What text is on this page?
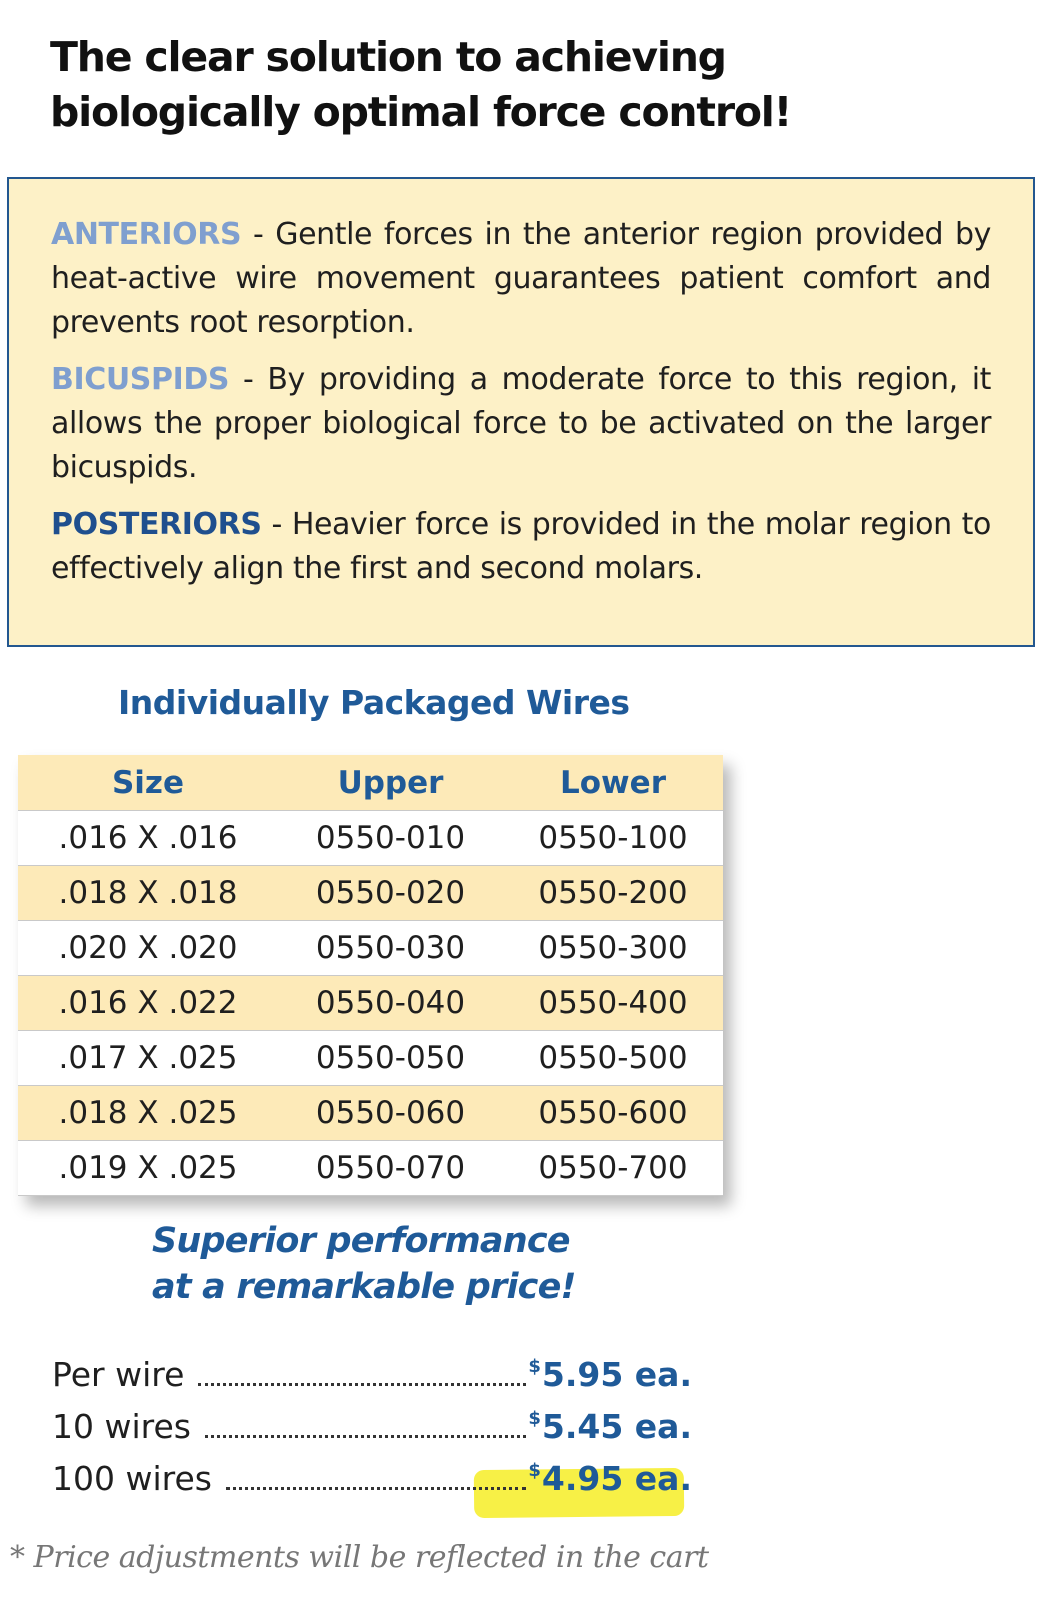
The clear solution to achieving
biologically optimal force control!

ANTERIORS - Gentle forces in the anterior region provided by heat-active wire movement guarantees patient comfort and prevents root resorption.

BICUSPIDS - By providing a moderate force to this region, it allows the proper biological force to be activated on the larger bicuspids.

POSTERIORS - Heavier force is provided in the molar region to effectively align the first and second molars.

Individually Packaged Wires
Size	Upper	Lower
.016 X .016	0550-010	0550-100
.018 X .018	0550-020	0550-200
.020 X .020	0550-030	0550-300
.016 X .022	0550-040	0550-400
.017 X .025	0550-050	0550-500
.018 X .025	0550-060	0550-600
.019 X .025	0550-070	0550-700

Superior performance
at a remarkable price!

Per wire	$5.95 ea.
10 wires	$5.45 ea.
100 wires	$4.95 ea.

* Price adjustments will be reflected in the cart
